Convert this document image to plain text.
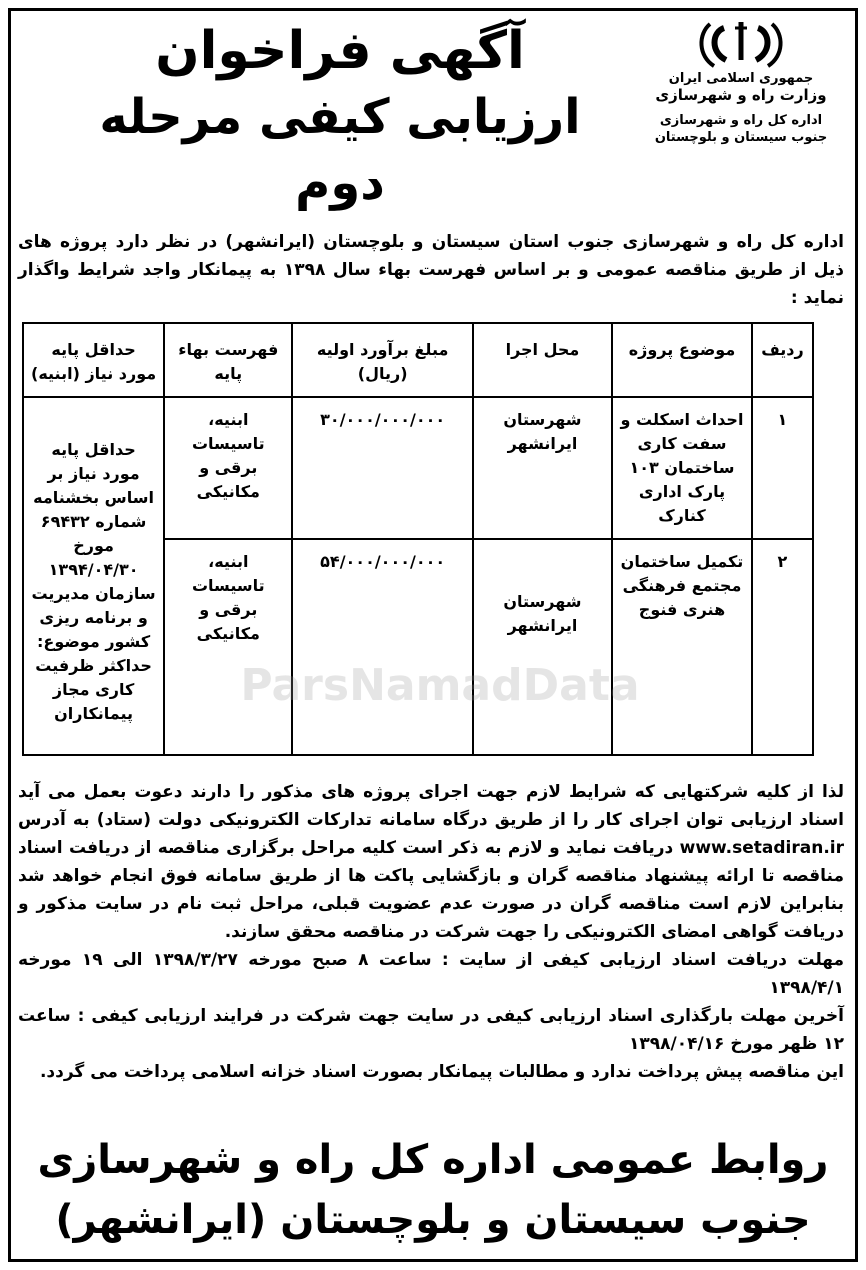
جمهوری اسلامی ایران
وزارت راه و شهرسازی
اداره کل راه و شهرسازی
جنوب سیستان و بلوچستان
آگهی فراخوان
ارزیابی کیفی مرحله دوم
اداره کل راه و شهرسازی جنوب استان سیستان و بلوچستان (ایرانشهر) در نظر دارد پروژه های ذیل از طریق مناقصه عمومی و بر اساس فهرست بهاء سال ۱۳۹۸ به پیمانکار واجد شرایط واگذار نماید :
ردیف	موضوع پروژه	محل اجرا	مبلغ برآورد اولیه (ریال)	فهرست بهاء پایه	حداقل پایه مورد نیاز (ابنیه)
۱	احداث اسکلت و سفت کاری ساختمان ۱۰۳ پارک اداری کنارک	شهرستان ایرانشهر	۳۰/۰۰۰/۰۰۰/۰۰۰	ابنیه، تاسیسات برقی و مکانیکی	حداقل پایه مورد نیاز بر اساس بخشنامه شماره ۶۹۴۳۲ مورخ ۱۳۹۴/۰۴/۳۰ سازمان مدیریت و برنامه ریزی کشور موضوع: حداکثر ظرفیت کاری مجاز پیمانکاران
۲	تکمیل ساختمان مجتمع فرهنگی هنری فنوج	شهرستان ایرانشهر	۵۴/۰۰۰/۰۰۰/۰۰۰	ابنیه، تاسیسات برقی و مکانیکی	
ParsNamadData

لذا از کلیه شرکتهایی که شرایط لازم جهت اجرای پروژه های مذکور را دارند دعوت بعمل می آید اسناد ارزیابی توان اجرای کار را از طریق درگاه سامانه تدارکات الکترونیکی دولت (ستاد) به آدرس www.setadiran.ir دریافت نماید و لازم به ذکر است کلیه مراحل برگزاری مناقصه از دریافت اسناد مناقصه تا ارائه پیشنهاد مناقصه گران و بازگشایی پاکت ها از طریق سامانه فوق انجام خواهد شد بنابراین لازم است مناقصه گران در صورت عدم عضویت قبلی، مراحل ثبت نام در سایت مذکور و دریافت گواهی امضای الکترونیکی را جهت شرکت در مناقصه محقق سازند.

مهلت دریافت اسناد ارزیابی کیفی از سایت : ساعت ۸ صبح مورخه ۱۳۹۸/۳/۲۷ الی ۱۹ مورخه ۱۳۹۸/۴/۱

آخرین مهلت بارگذاری اسناد ارزیابی کیفی در سایت جهت شرکت در فرایند ارزیابی کیفی : ساعت ۱۲ ظهر مورخ ۱۳۹۸/۰۴/۱۶

این مناقصه پیش پرداخت ندارد و مطالبات پیمانکار بصورت اسناد خزانه اسلامی پرداخت می گردد.

روابط عمومی اداره کل راه و شهرسازی
جنوب سیستان و بلوچستان (ایرانشهر)
